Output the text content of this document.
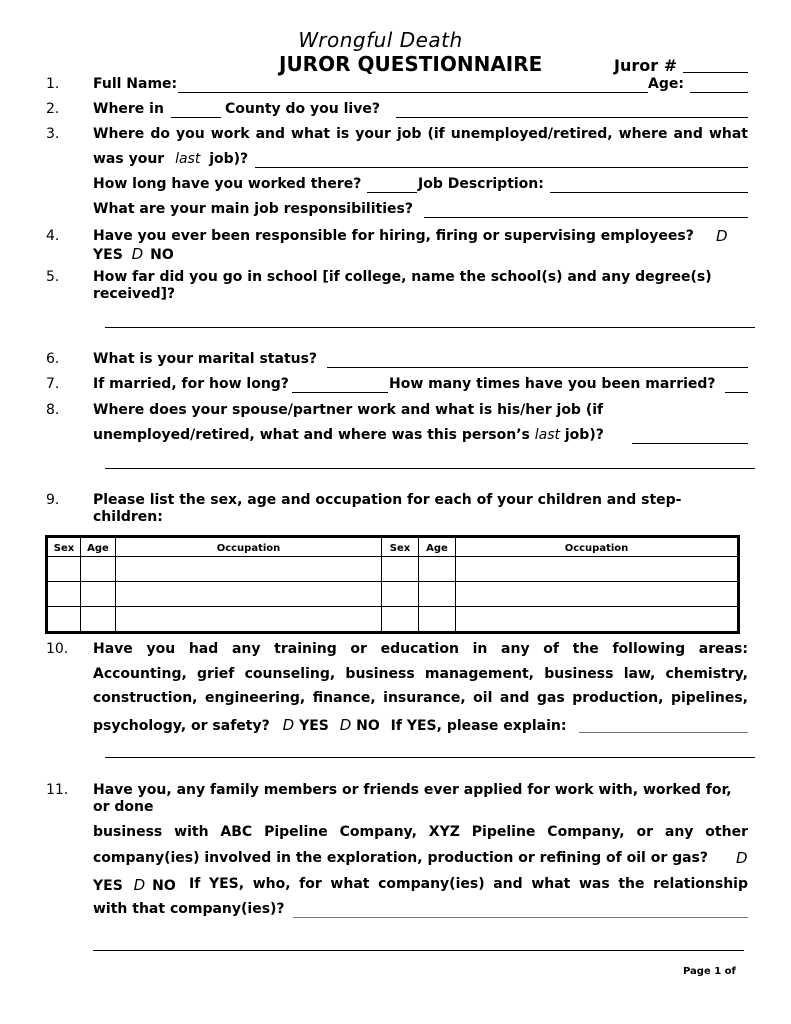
Wrongful Death
JUROR QUESTIONNAIRE	Juror #
1. Full Name:	Age:
2. Where in	County do you live?
3. Where do you work and what is your job (if unemployed/retired, where and what
was your last job)?
How long have you worked there?	Job Description:
What are your main job responsibilities?
4. Have you ever been responsible for hiring, firing or supervising employees? D
YES D NO
5. How far did you go in school [if college, name the school(s) and any degree(s)
received]?
6. What is your marital status?
7. If married, for how long?	How many times have you been married?
8. Where does your spouse/partner work and what is his/her job (if
unemployed/retired, what and where was this person’s last job)?
9. Please list the sex, age and occupation for each of your children and step-
children:
Sex	Age	Occupation	Sex	Age	Occupation

10. Have you had any training or education in any of the following areas:
Accounting, grief counseling, business management, business law, chemistry,
construction, engineering, finance, insurance, oil and gas production, pipelines,
psychology, or safety? D YES D NO If YES, please explain:
11. Have you, any family members or friends ever applied for work with, worked for,
or done
business with ABC Pipeline Company, XYZ Pipeline Company, or any other
company(ies) involved in the exploration, production or refining of oil or gas? D
YES D NO If YES, who, for what company(ies) and what was the relationship
with that company(ies)?
Page 1 of
